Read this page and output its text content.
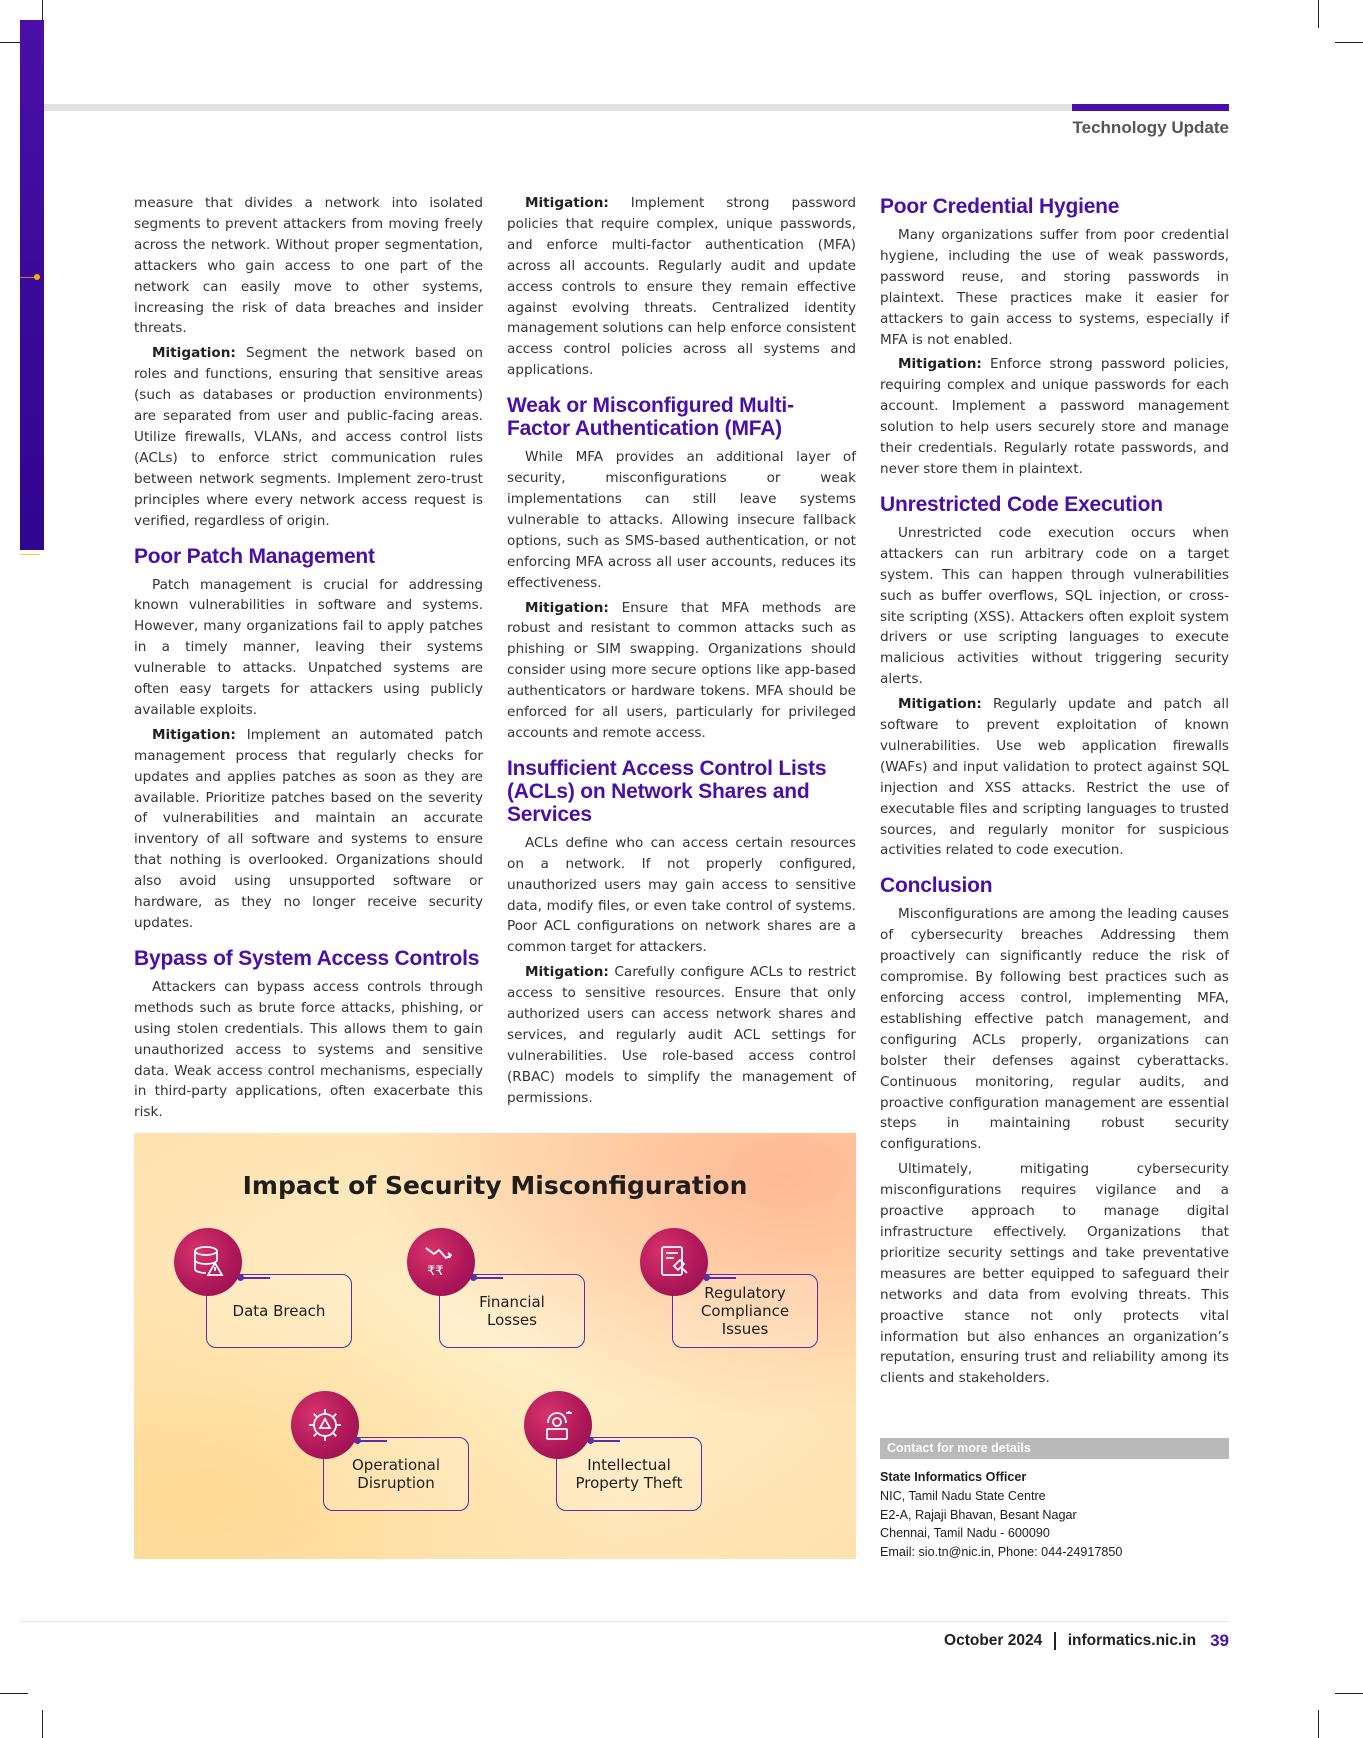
Technology Update

measure that divides a network into isolated segments to prevent attackers from moving freely across the network. Without proper segmentation, attackers who gain access to one part of the network can easily move to other systems, increasing the risk of data breaches and insider threats.

Mitigation: Segment the network based on roles and functions, ensuring that sensitive areas (such as databases or production environments) are separated from user and public-facing areas. Utilize firewalls, VLANs, and access control lists (ACLs) to enforce strict communication rules between network segments. Implement zero-trust principles where every network access request is verified, regardless of origin.

Poor Patch Management

Patch management is crucial for addressing known vulnerabilities in software and systems. However, many organizations fail to apply patches in a timely manner, leaving their systems vulnerable to attacks. Unpatched systems are often easy targets for attackers using publicly available exploits.

Mitigation: Implement an automated patch management process that regularly checks for updates and applies patches as soon as they are available. Prioritize patches based on the severity of vulnerabilities and maintain an accurate inventory of all software and systems to ensure that nothing is overlooked. Organizations should also avoid using unsupported software or hardware, as they no longer receive security updates.

Bypass of System Access Controls

Attackers can bypass access controls through methods such as brute force attacks, phishing, or using stolen credentials. This allows them to gain unauthorized access to systems and sensitive data. Weak access control mechanisms, especially in third-party applications, often exacerbate this risk.

Mitigation: Implement strong password policies that require complex, unique passwords, and enforce multi-factor authentication (MFA) across all accounts. Regularly audit and update access controls to ensure they remain effective against evolving threats. Centralized identity management solutions can help enforce consistent access control policies across all systems and applications.

Weak or Misconfigured Multi-Factor Authentication (MFA)

While MFA provides an additional layer of security, misconfigurations or weak implementations can still leave systems vulnerable to attacks. Allowing insecure fallback options, such as SMS-based authentication, or not enforcing MFA across all user accounts, reduces its effectiveness.

Mitigation: Ensure that MFA methods are robust and resistant to common attacks such as phishing or SIM swapping. Organizations should consider using more secure options like app-based authenticators or hardware tokens. MFA should be enforced for all users, particularly for privileged accounts and remote access.

Insufficient Access Control Lists (ACLs) on Network Shares and Services

ACLs define who can access certain resources on a network. If not properly configured, unauthorized users may gain access to sensitive data, modify files, or even take control of systems. Poor ACL configurations on network shares are a common target for attackers.

Mitigation: Carefully configure ACLs to restrict access to sensitive resources. Ensure that only authorized users can access network shares and services, and regularly audit ACL settings for vulnerabilities. Use role-based access control (RBAC) models to simplify the management of permissions.

Poor Credential Hygiene

Many organizations suffer from poor credential hygiene, including the use of weak passwords, password reuse, and storing passwords in plaintext. These practices make it easier for attackers to gain access to systems, especially if MFA is not enabled.

Mitigation: Enforce strong password policies, requiring complex and unique passwords for each account. Implement a password management solution to help users securely store and manage their credentials. Regularly rotate passwords, and never store them in plaintext.

Unrestricted Code Execution

Unrestricted code execution occurs when attackers can run arbitrary code on a target system. This can happen through vulnerabilities such as buffer overflows, SQL injection, or cross-site scripting (XSS). Attackers often exploit system drivers or use scripting languages to execute malicious activities without triggering security alerts.

Mitigation: Regularly update and patch all software to prevent exploitation of known vulnerabilities. Use web application firewalls (WAFs) and input validation to protect against SQL injection and XSS attacks. Restrict the use of executable files and scripting languages to trusted sources, and regularly monitor for suspicious activities related to code execution.

Conclusion

Misconfigurations are among the leading causes of cybersecurity breaches Addressing them proactively can significantly reduce the risk of compromise. By following best practices such as enforcing access control, implementing MFA, establishing effective patch management, and configuring ACLs properly, organizations can bolster their defenses against cyberattacks. Continuous monitoring, regular audits, and proactive configuration management are essential steps in maintaining robust security configurations.

Ultimately, mitigating cybersecurity misconfigurations requires vigilance and a proactive approach to manage digital infrastructure effectively. Organizations that prioritize security settings and take preventative measures are better equipped to safeguard their networks and data from evolving threats. This proactive stance not only protects vital information but also enhances an organization’s reputation, ensuring trust and reliability among its clients and stakeholders.

Impact of Security Misconfiguration
Data Breach	Financial Losses
₹₹
Regulatory Compliance Issues
Operational Disruption
Intellectual Property Theft
Contact for more details
State Informatics Officer
NIC, Tamil Nadu State Centre
E2-A, Rajaji Bhavan, Besant Nagar
Chennai, Tamil Nadu - 600090
Email: sio.tn@nic.in, Phone: 044-24917850
October 2024 informatics.nic.in 39
